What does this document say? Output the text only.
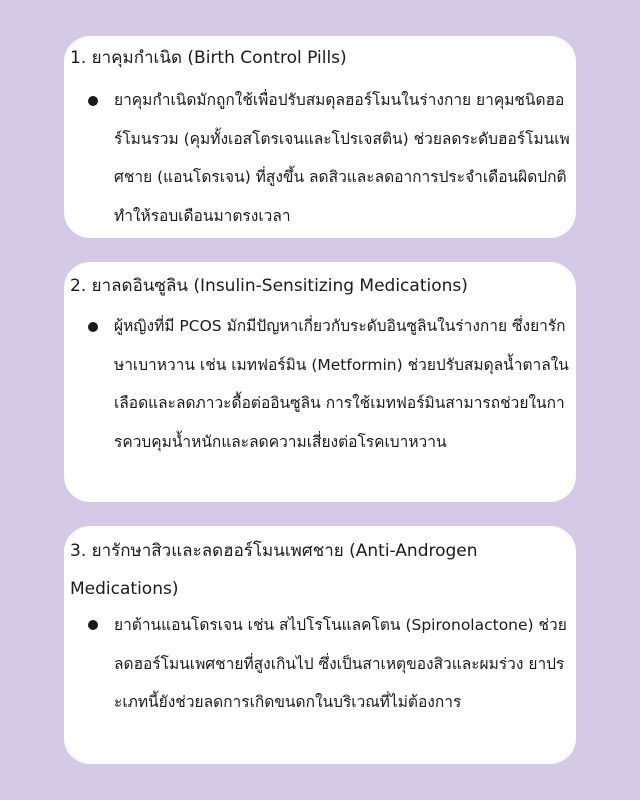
1. ยาคุมกำเนิด (Birth Control Pills)
ยาคุมกำเนิดมักถูกใช้เพื่อปรับสมดุลฮอร์โมนในร่างกาย ยาคุมชนิดฮอร์โมนรวม (คุมทั้งเอสโตรเจนและโปรเจสติน) ช่วยลดระดับฮอร์โมนเพศชาย (แอนโดรเจน) ที่สูงขึ้น ลดสิวและลดอาการประจำเดือนผิดปกติ ทำให้รอบเดือนมาตรงเวลา
2. ยาลดอินซูลิน (Insulin-Sensitizing Medications)
ผู้หญิงที่มี PCOS มักมีปัญหาเกี่ยวกับระดับอินซูลินในร่างกาย ซึ่งยารักษาเบาหวาน เช่น เมทฟอร์มิน (Metformin) ช่วยปรับสมดุลน้ำตาลในเลือดและลดภาวะดื้อต่ออินซูลิน การใช้เมทฟอร์มินสามารถช่วยในการควบคุมน้ำหนักและลดความเสี่ยงต่อโรคเบาหวาน
3. ยารักษาสิวและลดฮอร์โมนเพศชาย (Anti-Androgen Medications)
ยาต้านแอนโดรเจน เช่น สไปโรโนแลคโตน (Spironolactone) ช่วยลดฮอร์โมนเพศชายที่สูงเกินไป ซึ่งเป็นสาเหตุของสิวและผมร่วง ยาประเภทนี้ยังช่วยลดการเกิดขนดกในบริเวณที่ไม่ต้องการ
